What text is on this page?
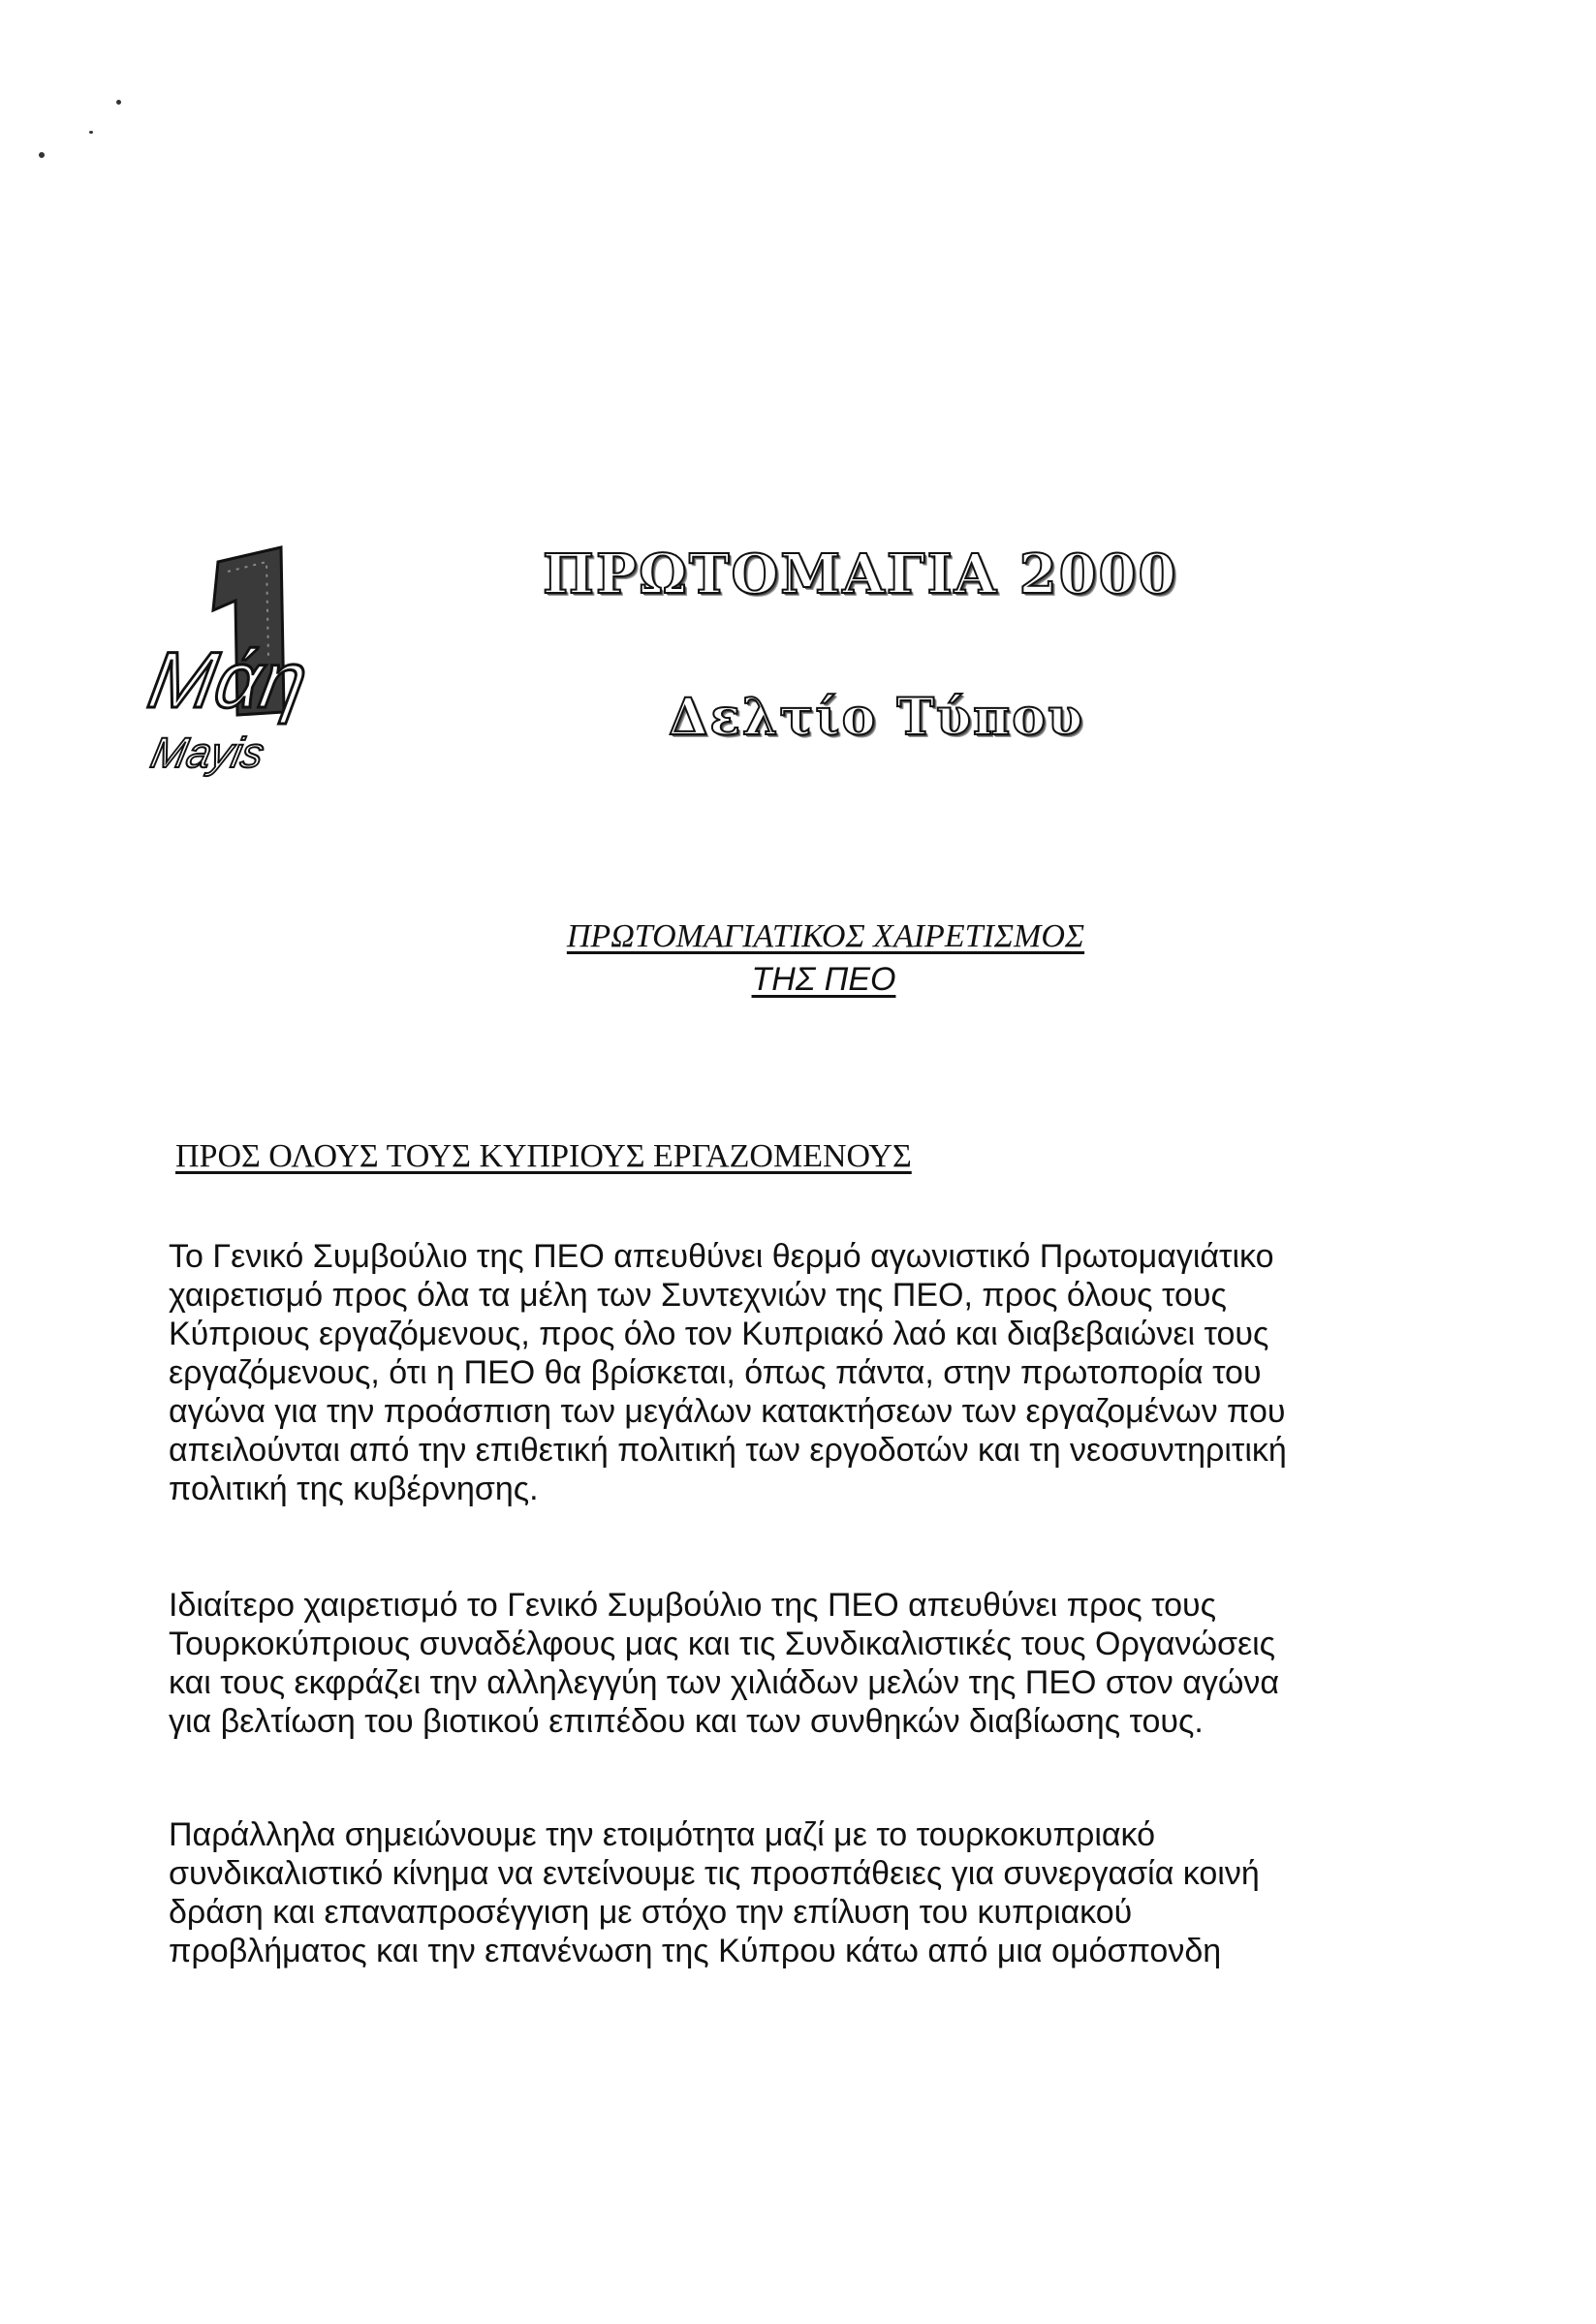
Μάη
Mayis
ΠΡΩΤΟΜΑΓΙΑ 2000
Δελτίο Τύπου
ΠΡΩΤΟΜΑΓΙΑΤΙΚΟΣ ΧΑΙΡΕΤΙΣΜΟΣ
ΤΗΣ ΠΕΟ
ΠΡΟΣ ΟΛΟΥΣ ΤΟΥΣ ΚΥΠΡΙΟΥΣ ΕΡΓΑΖΟΜΕΝΟΥΣ
Το Γενικό Συμβούλιο της ΠΕΟ απευθύνει θερμό αγωνιστικό Πρωτομαγιάτικο
χαιρετισμό προς όλα τα μέλη των Συντεχνιών της ΠΕΟ, προς όλους τους
Κύπριους εργαζόμενους, προς όλο τον Κυπριακό λαό και διαβεβαιώνει τους
εργαζόμενους, ότι η ΠΕΟ θα βρίσκεται, όπως πάντα, στην πρωτοπορία του
αγώνα για την προάσπιση των μεγάλων κατακτήσεων των εργαζομένων που
απειλούνται από την επιθετική πολιτική των εργοδοτών και τη νεοσυντηριτική
πολιτική της κυβέρνησης.
Ιδιαίτερο χαιρετισμό το Γενικό Συμβούλιο της ΠΕΟ απευθύνει προς τους
Τουρκοκύπριους συναδέλφους μας και τις Συνδικαλιστικές τους Οργανώσεις
και τους εκφράζει την αλληλεγγύη των χιλιάδων μελών της ΠΕΟ στον αγώνα
για βελτίωση του βιοτικού επιπέδου και των συνθηκών διαβίωσης τους.
Παράλληλα σημειώνουμε την ετοιμότητα μαζί με το τουρκοκυπριακό
συνδικαλιστικό κίνημα να εντείνουμε τις προσπάθειες για συνεργασία κοινή
δράση και επαναπροσέγγιση με στόχο την επίλυση του κυπριακού
προβλήματος και την επανένωση της Κύπρου κάτω από μια ομόσπονδη
